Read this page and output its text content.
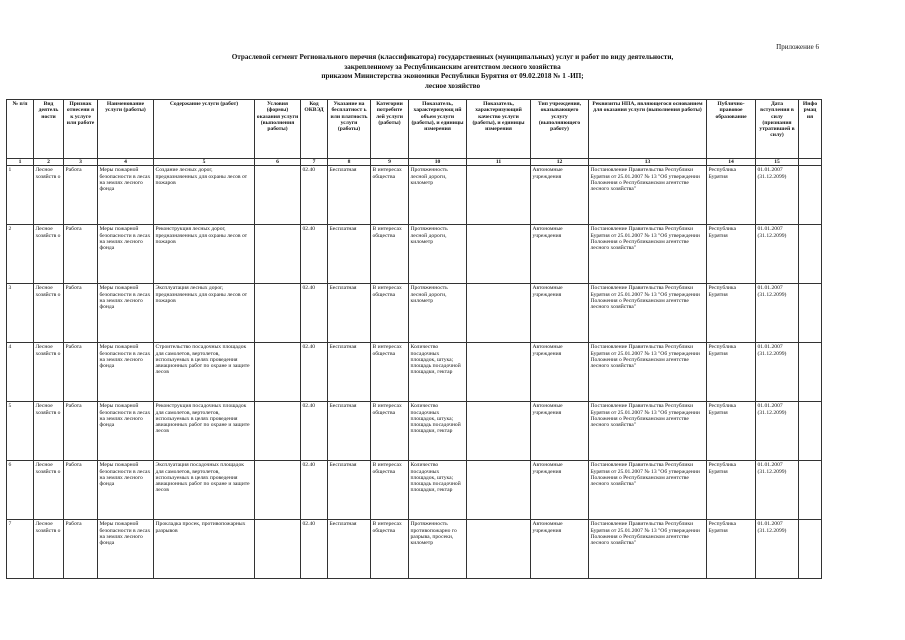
Приложение 6
Отраслевой сегмент Регионального перечня (классификатора) государственных (муниципальных) услуг и работ по виду деятельности,
закрепленному за Республиканским агентством лесного хозяйства
приказом Министерства экономики Республики Бурятия от 09.02.2018 № 1 -ИП;
лесное хозяйство
№ п/п	Вид деятель ности	Признак отнесени я к услуге или работе	Наименование услуги (работы)	Содержание услуги (работ)	Условия (формы) оказания услуги (выполнения работы)	Код ОКВЭД	Указание на бесплатност ь или платность услуги (работы)	Категории потребите лей услуги (работы)	Показатель, характеризующ ий объем услуги (работы), и единицы измерения	Показатель, характеризующий качество услуги (работы), и единицы измерения	Тип учреждения, оказывающего услугу (выполняющего работу)	Реквизиты НПА, являющегося основанием для оказания услуги (выполнения работы)	Публично-правовое образование	Дата вступления в силу (признания утратившей в силу)	Инфо рмац ия
1	2	3	4	5	6	7	8	9	10	11	12	13	14	15	
1	Лесное хозяйств о	Работа	Меры пожарной безопасности в лесах на землях лесного фонда	Создание лесных дорог, предназначенных для охраны лесов от пожаров		02.40	Бесплатная	В интересах общества	Протяженность лесной дороги, километр		Автономные учреждения	Постановление Правительства Республики Бурятия от 25.01.2007 № 13 "Об утверждении Положения о Республиканском агентстве лесного хозяйства"	Республика Бурятия	01.01.2007 (31.12.2099)	
2	Лесное хозяйств о	Работа	Меры пожарной безопасности в лесах на землях лесного фонда	Реконструкция лесных дорог, предназначенных для охраны лесов от пожаров		02.40	Бесплатная	В интересах общества	Протяженность лесной дороги, километр		Автономные учреждения	Постановление Правительства Республики Бурятия от 25.01.2007 № 13 "Об утверждении Положения о Республиканском агентстве лесного хозяйства"	Республика Бурятия	01.01.2007 (31.12.2099)	
3	Лесное хозяйств о	Работа	Меры пожарной безопасности в лесах на землях лесного фонда	Эксплуатация лесных дорог, предназначенных для охраны лесов от пожаров		02.40	Бесплатная	В интересах общества	Протяженность лесной дороги, километр		Автономные учреждения	Постановление Правительства Республики Бурятия от 25.01.2007 № 13 "Об утверждении Положения о Республиканском агентстве лесного хозяйства"	Республика Бурятия	01.01.2007 (31.12.2099)	
4	Лесное хозяйств о	Работа	Меры пожарной безопасности в лесах на землях лесного фонда	Строительство посадочных площадок для самолетов, вертолетов, используемых в целях проведения авиационных работ по охране и защите лесов		02.40	Бесплатная	В интересах общества	Количество посадочных площадок, штука; площадь посадочной площадки, гектар		Автономные учреждения	Постановление Правительства Республики Бурятия от 25.01.2007 № 13 "Об утверждении Положения о Республиканском агентстве лесного хозяйства"	Республика Бурятия	01.01.2007 (31.12.2099)	
5	Лесное хозяйств о	Работа	Меры пожарной безопасности в лесах на землях лесного фонда	Реконструкция посадочных площадок для самолетов, вертолетов, используемых в целях проведения авиационных работ по охране и защите лесов		02.40	Бесплатная	В интересах общества	Количество посадочных площадок, штука; площадь посадочной площадки, гектар		Автономные учреждения	Постановление Правительства Республики Бурятия от 25.01.2007 № 13 "Об утверждении Положения о Республиканском агентстве лесного хозяйства"	Республика Бурятия	01.01.2007 (31.12.2099)	
6	Лесное хозяйств о	Работа	Меры пожарной безопасности в лесах на землях лесного фонда	Эксплуатация посадочных площадок для самолетов, вертолетов, используемых в целях проведения авиационных работ по охране и защите лесов		02.40	Бесплатная	В интересах общества	Количество посадочных площадок, штука; площадь посадочной площадки, гектар		Автономные учреждения	Постановление Правительства Республики Бурятия от 25.01.2007 № 13 "Об утверждении Положения о Республиканском агентстве лесного хозяйства"	Республика Бурятия	01.01.2007 (31.12.2099)	
7	Лесное хозяйств о	Работа	Меры пожарной безопасности в лесах на землях лесного фонда	Прокладка просек, противопожарных разрывов		02.40	Бесплатная	В интересах общества	Протяженность противопожарно го разрыва, просеки, километр		Автономные учреждения	Постановление Правительства Республики Бурятия от 25.01.2007 № 13 "Об утверждении Положения о Республиканском агентстве лесного хозяйства"	Республика Бурятия	01.01.2007 (31.12.2099)	
